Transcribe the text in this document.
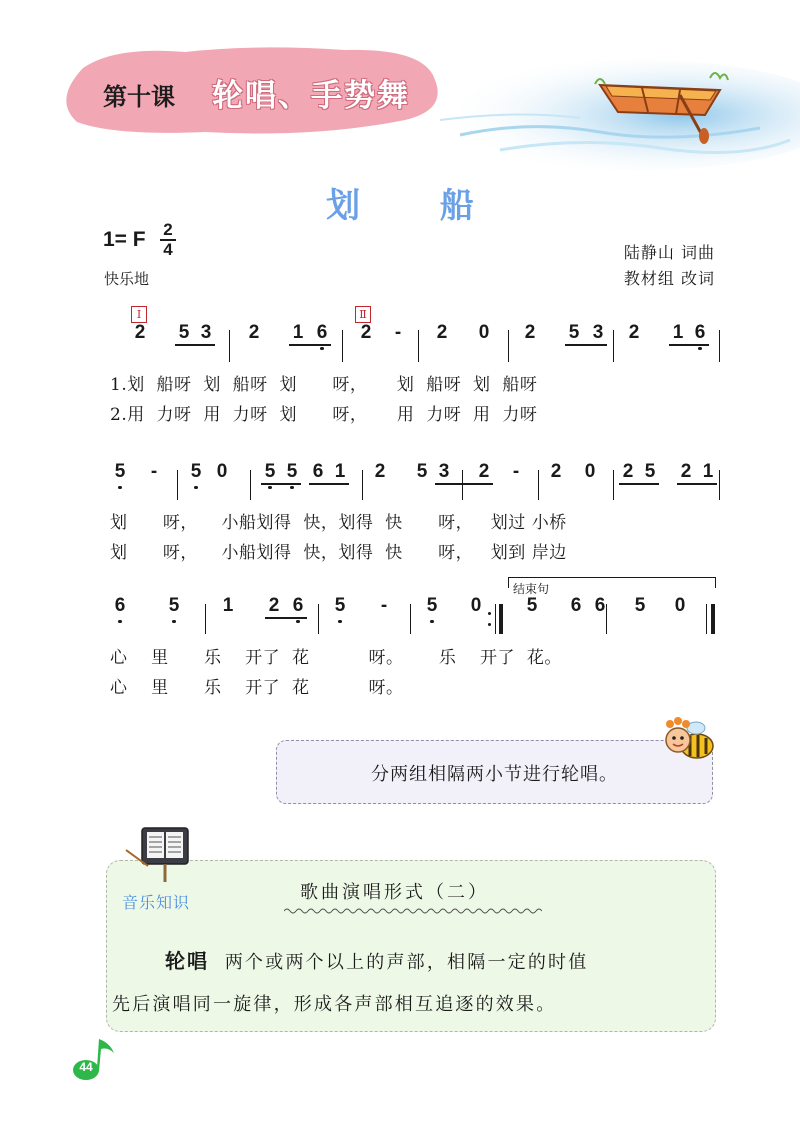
第十课 轮唱、手势舞
划 船
1= F 2
4
快乐地
陆静山 词曲
教材组 改词
2 5 3 2 1 6 2	-	2 0 2 5 3 2 1 6
1.划  船呀  划  船呀  划      呀，     划  船呀  划  船呀
2.用  力呀  用  力呀  划      呀，     用  力呀  用  力呀
5	-	5 0 5 5 6 1 2 5 3 2	-	2 0 2 5 2 1
划      呀，    小船划得  快，划得  快      呀，   划过 小桥
划      呀，    小船划得  快，划得  快      呀，   划到 岸边
6 5 1 2 6 5	-	5 0 5 6 6 5 0
心    里      乐    开了  花          呀。      乐    开了  花。
心    里      乐    开了  花          呀。
Ⅰ	Ⅱ
结束句
分两组相隔两小节进行轮唱。
音乐知识	歌曲演唱形式（二）
轮唱  两个或两个以上的声部，相隔一定的时值
先后演唱同一旋律，形成各声部相互追逐的效果。
44
